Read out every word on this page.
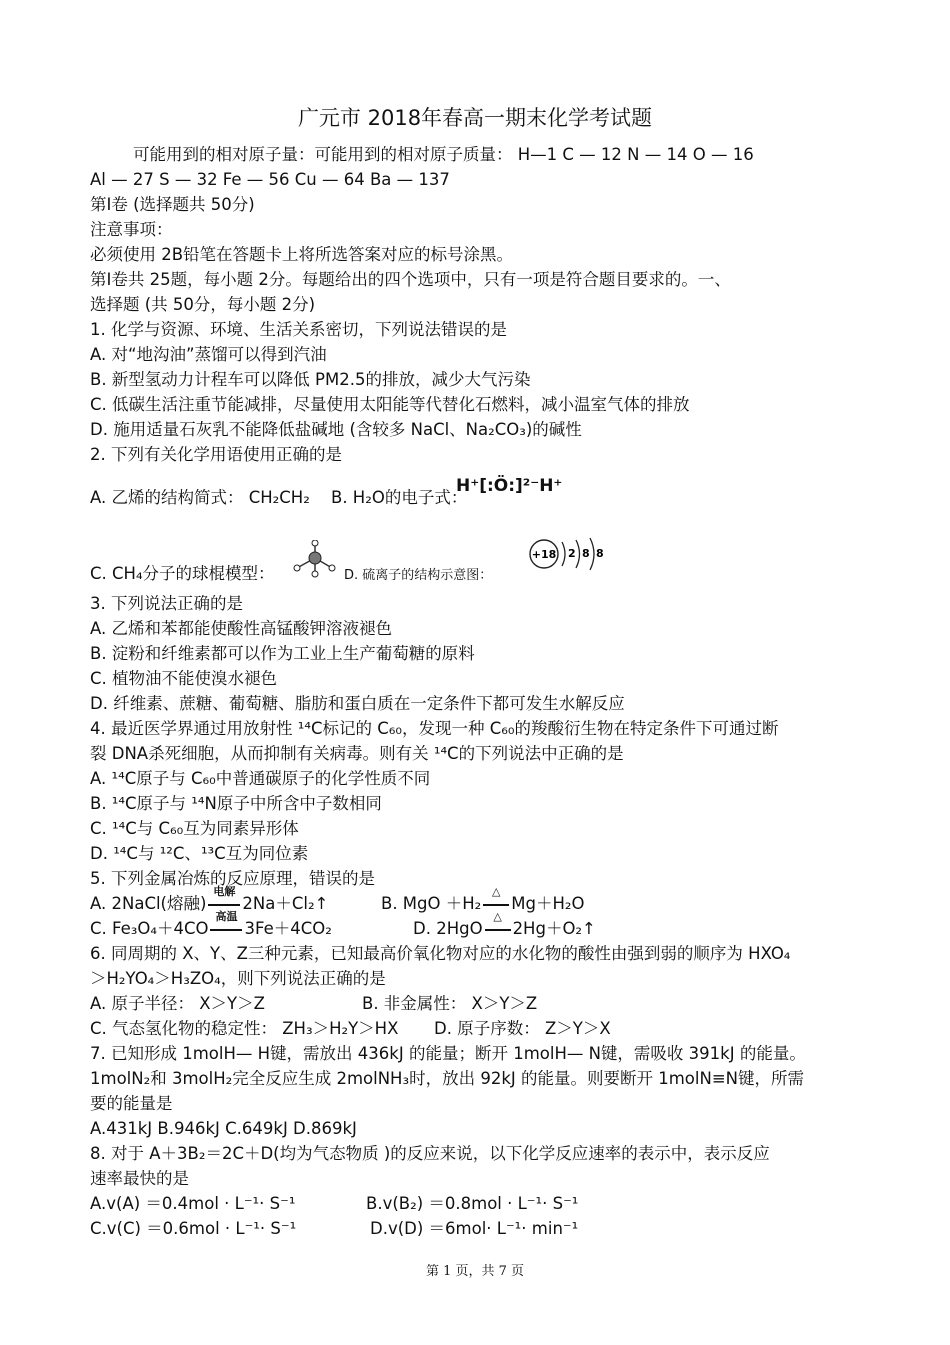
广元市 2018年春高一期末化学考试题
可能用到的相对原子量：可能用到的相对原子质量： H—1 C — 12 N — 14 O — 16
Al — 27 S — 32 Fe — 56 Cu — 64 Ba — 137
第Ⅰ卷 (选择题共 50分)
注意事项：
必须使用 2B铅笔在答题卡上将所选答案对应的标号涂黑。
第Ⅰ卷共 25题，每小题 2分。每题给出的四个选项中，只有一项是符合题目要求的。一、
选择题 (共 50分，每小题 2分)
1. 化学与资源、环境、生活关系密切，下列说法错误的是
A. 对“地沟油”蒸馏可以得到汽油
B. 新型氢动力计程车可以降低 PM2.5的排放，减少大气污染
C. 低碳生活注重节能减排，尽量使用太阳能等代替化石燃料，减小温室气体的排放
D. 施用适量石灰乳不能降低盐碱地 (含较多 NaCl、Na₂CO₃)的碱性
2. 下列有关化学用语使用正确的是
A. 乙烯的结构简式： CH₂CH₂ B. H₂O的电子式：
H⁺[:Ö:]²⁻H⁺
C. CH₄分子的球棍模型：	D. 硫离子的结构示意图：
+18 2 8 8
3. 下列说法正确的是
A. 乙烯和苯都能使酸性高锰酸钾溶液褪色
B. 淀粉和纤维素都可以作为工业上生产葡萄糖的原料
C. 植物油不能使溴水褪色
D. 纤维素、蔗糖、葡萄糖、脂肪和蛋白质在一定条件下都可发生水解反应
4. 最近医学界通过用放射性 ¹⁴C标记的 C₆₀，发现一种 C₆₀的羧酸衍生物在特定条件下可通过断
裂 DNA杀死细胞，从而抑制有关病毒。则有关 ¹⁴C的下列说法中正确的是
A. ¹⁴C原子与 C₆₀中普通碳原子的化学性质不同
B. ¹⁴C原子与 ¹⁴N原子中所含中子数相同
C. ¹⁴C与 C₆₀互为同素异形体
D. ¹⁴C与 ¹²C、¹³C互为同位素
5. 下列金属冶炼的反应原理，错误的是
A. 2NaCl(熔融)
电解
2Na＋Cl₂↑	B. MgO ＋H₂
△
Mg＋H₂O
C. Fe₃O₄＋4CO
高温
3Fe＋4CO₂	D. 2HgO
△
2Hg＋O₂↑
6. 同周期的 X、Y、Z三种元素，已知最高价氧化物对应的水化物的酸性由强到弱的顺序为 HXO₄
＞H₂YO₄＞H₃ZO₄，则下列说法正确的是
A. 原子半径： X＞Y＞Z	B. 非金属性： X＞Y＞Z
C. 气态氢化物的稳定性： ZH₃＞H₂Y＞HX D. 原子序数： Z＞Y＞X
7. 已知形成 1molH— H键，需放出 436kJ 的能量；断开 1molH— N键，需吸收 391kJ 的能量。
1molN₂和 3molH₂完全反应生成 2molNH₃时，放出 92kJ 的能量。则要断开 1molN≡N键，所需
要的能量是
A.431kJ B.946kJ C.649kJ D.869kJ
8. 对于 A＋3B₂＝2C＋D(均为气态物质 )的反应来说，以下化学反应速率的表示中，表示反应
速率最快的是
A.v(A) ＝0.4mol · L⁻¹· S⁻¹	B.v(B₂) ＝0.8mol · L⁻¹· S⁻¹
C.v(C) ＝0.6mol · L⁻¹· S⁻¹	D.v(D) ＝6mol· L⁻¹· min⁻¹
第 1 页，共 7 页
